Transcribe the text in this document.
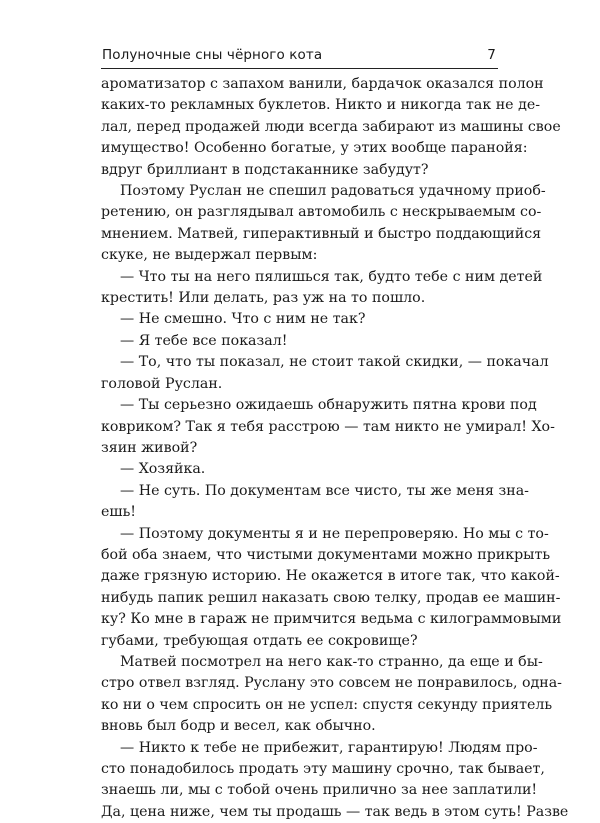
Полуночные сны чёрного кота	7
ароматизатор с запахом ванили, бардачок оказался полон
каких-то рекламных буклетов. Никто и никогда так не де-
лал, перед продажей люди всегда забирают из машины свое
имущество! Особенно богатые, у этих вообще паранойя:
вдруг бриллиант в подстаканнике забудут?
Поэтому Руслан не спешил радоваться удачному приоб-
ретению, он разглядывал автомобиль с нескрываемым со-
мнением. Матвей, гиперактивный и быстро поддающийся
скуке, не выдержал первым:
— Что ты на него пялишься так, будто тебе с ним детей
крестить! Или делать, раз уж на то пошло.
— Не смешно. Что с ним не так?
— Я тебе все показал!
— То, что ты показал, не стоит такой скидки, — покачал
головой Руслан.
— Ты серьезно ожидаешь обнаружить пятна крови под
ковриком? Так я тебя расстрою — там никто не умирал! Хо-
зяин живой?
— Хозяйка.
— Не суть. По документам все чисто, ты же меня зна-
ешь!
— Поэтому документы я и не перепроверяю. Но мы с то-
бой оба знаем, что чистыми документами можно прикрыть
даже грязную историю. Не окажется в итоге так, что какой-
нибудь папик решил наказать свою телку, продав ее машин-
ку? Ко мне в гараж не примчится ведьма с килограммовыми
губами, требующая отдать ее сокровище?
Матвей посмотрел на него как-то странно, да еще и бы-
стро отвел взгляд. Руслану это совсем не понравилось, одна-
ко ни о чем спросить он не успел: спустя секунду приятель
вновь был бодр и весел, как обычно.
— Никто к тебе не прибежит, гарантирую! Людям про-
сто понадобилось продать эту машину срочно, так бывает,
знаешь ли, мы с тобой очень прилично за нее заплатили!
Да, цена ниже, чем ты продашь — так ведь в этом суть! Разве
